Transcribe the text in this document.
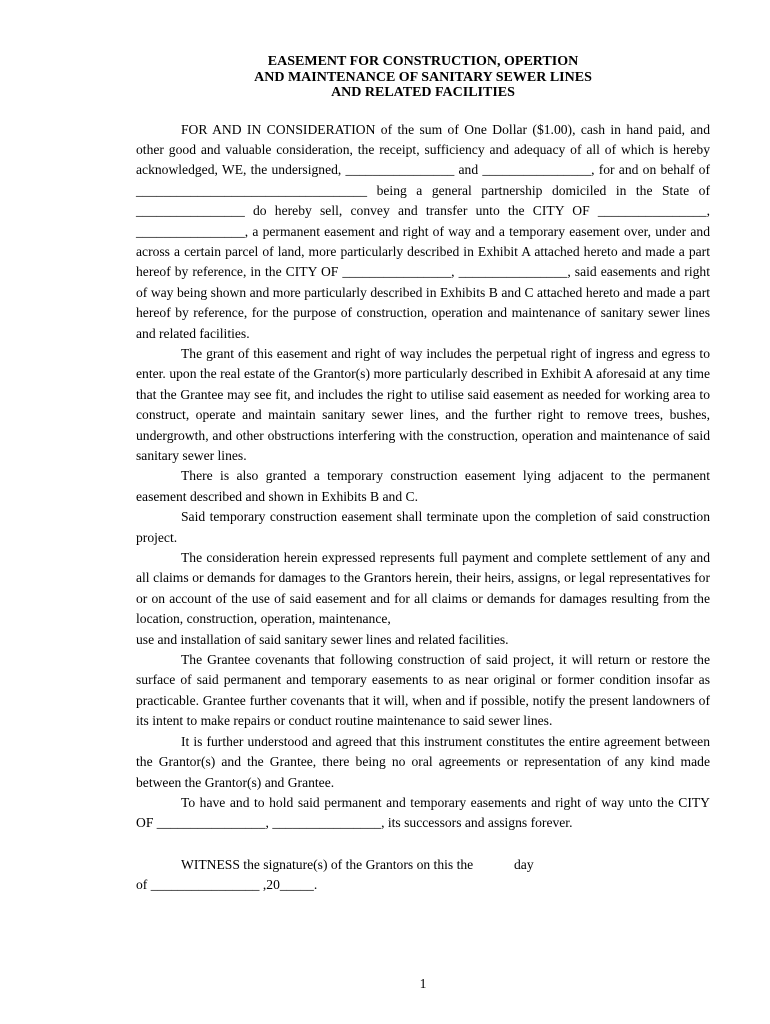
EASEMENT FOR CONSTRUCTION, OPERTION
AND MAINTENANCE OF SANITARY SEWER LINES
AND RELATED FACILITIES

FOR AND IN CONSIDERATION of the sum of One Dollar ($1.00), cash in hand paid, and other good and valuable consideration, the receipt, sufficiency and adequacy of all of which is hereby acknowledged, WE, the undersigned, ________________ and ________________, for and on behalf of __________________________________ being a general partnership domiciled in the State of ________________ do hereby sell, convey and transfer unto the CITY OF ________________, ________________, a permanent easement and right of way and a temporary easement over, under and across a certain parcel of land, more particularly described in Exhibit A attached hereto and made a part hereof by reference, in the CITY OF ________________, ________________, said easements and right of way being shown and more particularly described in Exhibits B and C attached hereto and made a part hereof by reference, for the purpose of construction, operation and maintenance of sanitary sewer lines and related facilities.

The grant of this easement and right of way includes the perpetual right of ingress and egress to enter. upon the real estate of the Grantor(s) more particularly described in Exhibit A aforesaid at any time that the Grantee may see fit, and includes the right to utilise said easement as needed for working area to construct, operate and maintain sanitary sewer lines, and the further right to remove trees, bushes, undergrowth, and other obstructions interfering with the construction, operation and maintenance of said sanitary sewer lines.

There is also granted a temporary construction easement lying adjacent to the permanent easement described and shown in Exhibits B and C.

Said temporary construction easement shall terminate upon the completion of said construction project.

The consideration herein expressed represents full payment and complete settlement of any and all claims or demands for damages to the Grantors herein, their heirs, assigns, or legal representatives for or on account of the use of said easement and for all claims or demands for damages resulting from the location, construction, operation, maintenance,

use and installation of said sanitary sewer lines and related facilities.

The Grantee covenants that following construction of said project, it will return or restore the surface of said permanent and temporary easements to as near original or former condition insofar as practicable. Grantee further covenants that it will, when and if possible, notify the present landowners of its intent to make repairs or conduct routine maintenance to said sewer lines.

It is further understood and agreed that this instrument constitutes the entire agreement between the Grantor(s) and the Grantee, there being no oral agreements or representation of any kind made between the Grantor(s) and Grantee.

To have and to hold said permanent and temporary easements and right of way unto the CITY OF ________________, ________________, its successors and assigns forever.

WITNESS the signature(s) of the Grantors on this the            day

of ________________ ,20_____.

1
